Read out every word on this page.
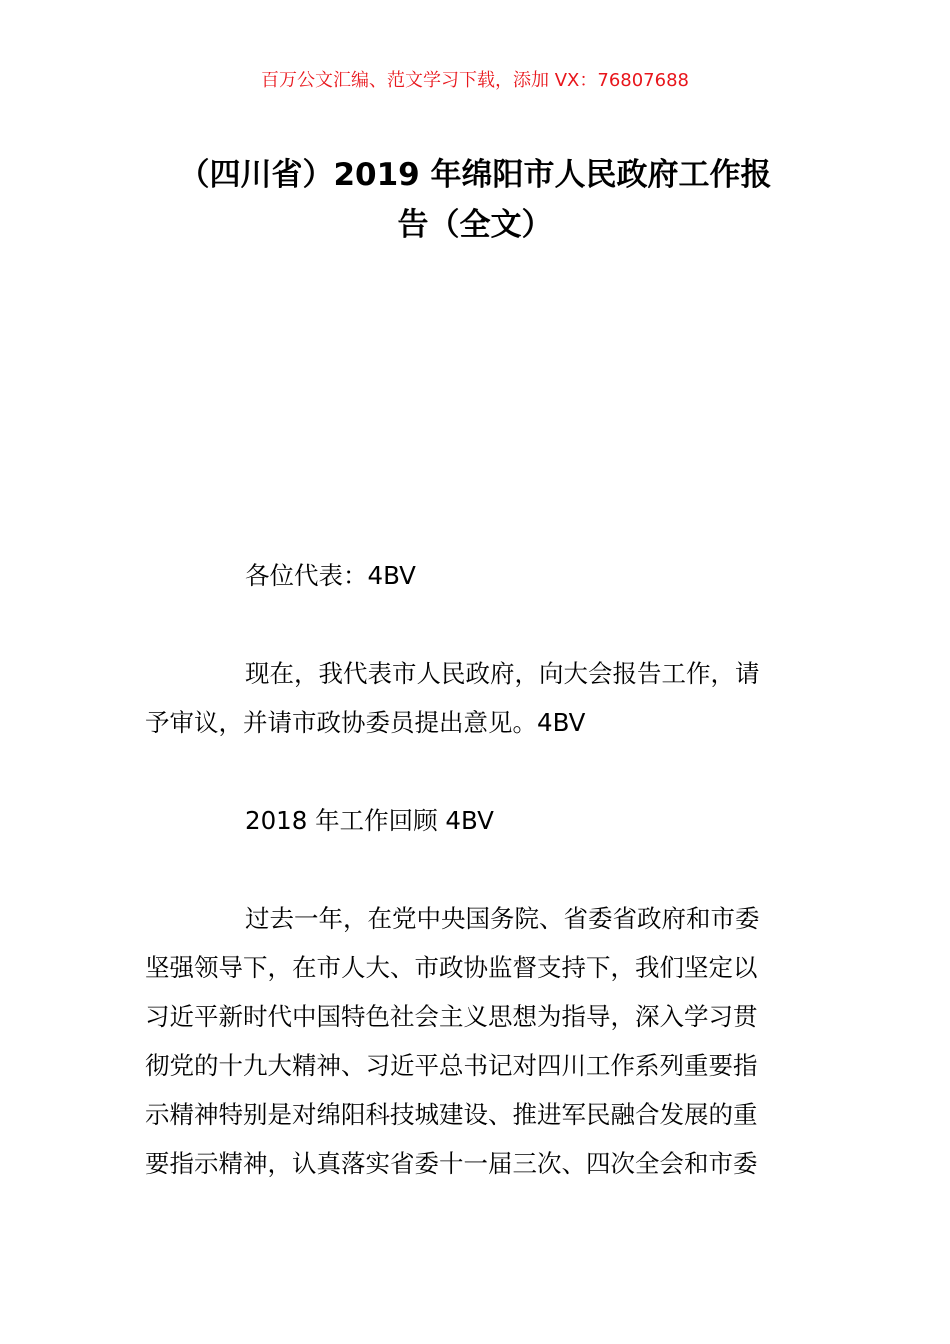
百万公文汇编、范文学习下载，添加 VX：76807688
（四川省）2019 年绵阳市人民政府工作报
告（全文）
各位代表：4BV
现在，我代表市人民政府，向大会报告工作，请
予审议，并请市政协委员提出意见。4BV
2018 年工作回顾 4BV
过去一年，在党中央国务院、省委省政府和市委
坚强领导下，在市人大、市政协监督支持下，我们坚定以
习近平新时代中国特色社会主义思想为指导，深入学习贯
彻党的十九大精神、习近平总书记对四川工作系列重要指
示精神特别是对绵阳科技城建设、推进军民融合发展的重
要指示精神，认真落实省委十一届三次、四次全会和市委
